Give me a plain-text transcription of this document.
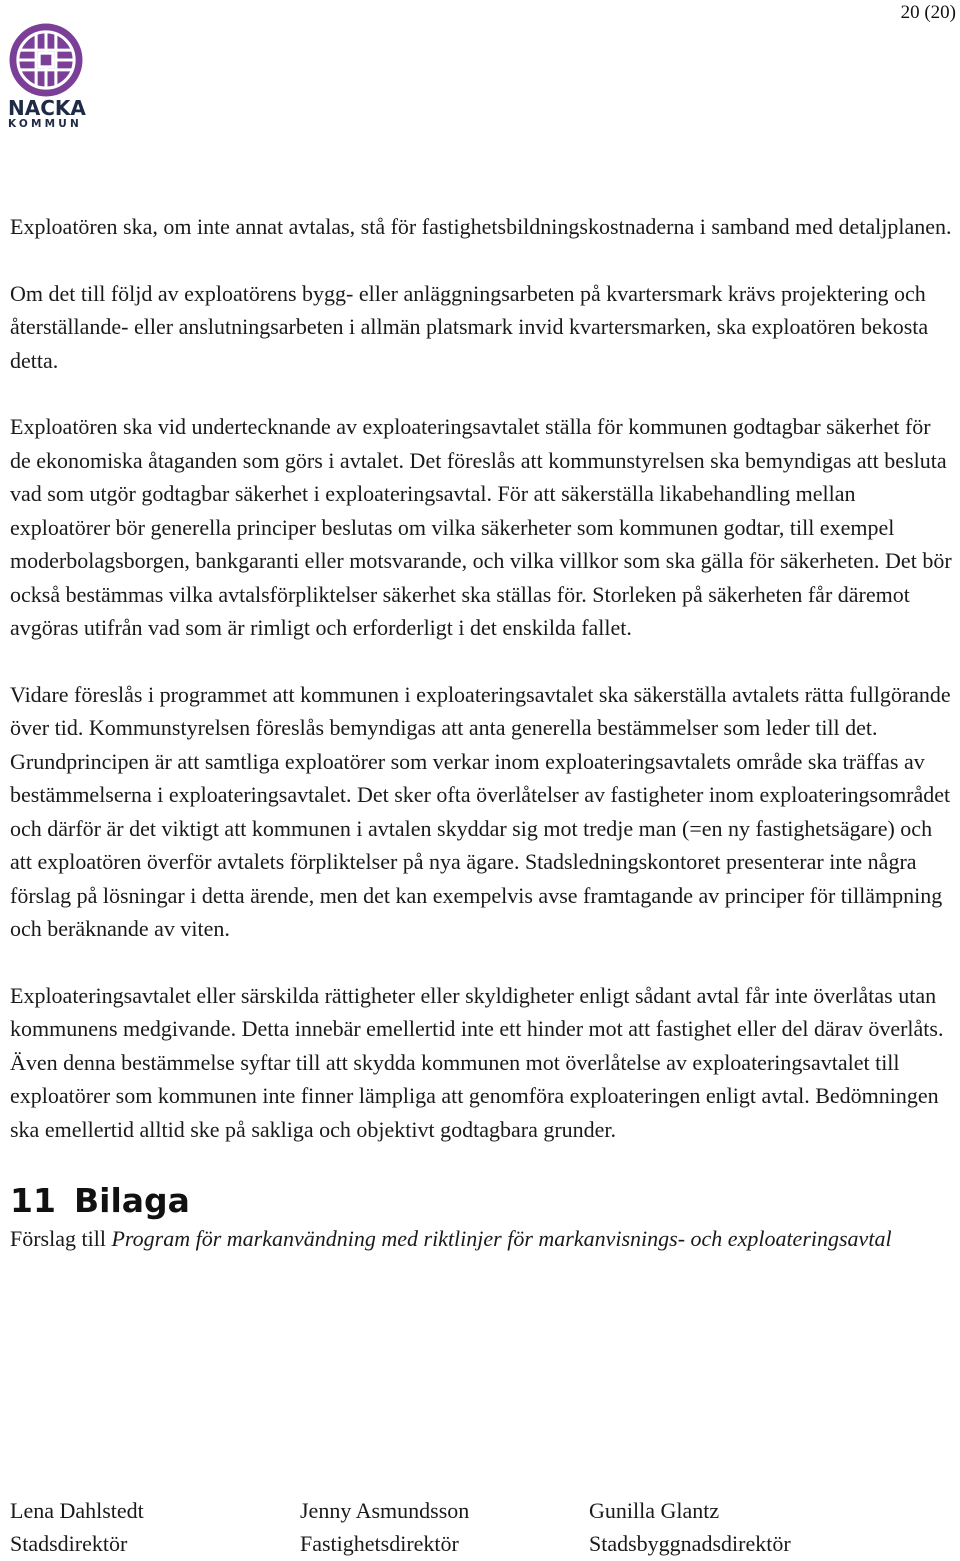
20 (20)
NACKA
KOMMUN

Exploatören ska, om inte annat avtalas, stå för fastighetsbildningskostnaderna i samband med detaljplanen.

Om det till följd av exploatörens bygg- eller anläggningsarbeten på kvartersmark krävs projektering och återställande- eller anslutningsarbeten i allmän platsmark invid kvartersmarken, ska exploatören bekosta detta.

Exploatören ska vid undertecknande av exploateringsavtalet ställa för kommunen godtagbar säkerhet för de ekonomiska åtaganden som görs i avtalet. Det föreslås att kommunstyrelsen ska bemyndigas att besluta vad som utgör godtagbar säkerhet i exploateringsavtal. För att säkerställa likabehandling mellan exploatörer bör generella principer beslutas om vilka säkerheter som kommunen godtar, till exempel moderbolagsborgen, bankgaranti eller motsvarande, och vilka villkor som ska gälla för säkerheten. Det bör också bestämmas vilka avtalsförpliktelser säkerhet ska ställas för. Storleken på säkerheten får däremot avgöras utifrån vad som är rimligt och erforderligt i det enskilda fallet.

Vidare föreslås i programmet att kommunen i exploateringsavtalet ska säkerställa avtalets rätta fullgörande över tid. Kommunstyrelsen föreslås bemyndigas att anta generella bestämmelser som leder till det. Grundprincipen är att samtliga exploatörer som verkar inom exploateringsavtalets område ska träffas av bestämmelserna i exploateringsavtalet. Det sker ofta överlåtelser av fastigheter inom exploateringsområdet och därför är det viktigt att kommunen i avtalen skyddar sig mot tredje man (=en ny fastighetsägare) och att exploatören överför avtalets förpliktelser på nya ägare. Stadsledningskontoret presenterar inte några förslag på lösningar i detta ärende, men det kan exempelvis avse framtagande av principer för tillämpning och beräknande av viten.

Exploateringsavtalet eller särskilda rättigheter eller skyldigheter enligt sådant avtal får inte överlåtas utan kommunens medgivande. Detta innebär emellertid inte ett hinder mot att fastighet eller del därav överlåts. Även denna bestämmelse syftar till att skydda kommunen mot överlåtelse av exploateringsavtalet till exploatörer som kommunen inte finner lämpliga att genomföra exploateringen enligt avtal. Bedömningen ska emellertid alltid ske på sakliga och objektivt godtagbara grunder.

11 Bilaga
Förslag till Program för markanvändning med riktlinjer för markanvisnings- och exploateringsavtal
Lena Dahlstedt
Stadsdirektör
Jenny Asmundsson
Fastighetsdirektör
Gunilla Glantz
Stadsbyggnadsdirektör
